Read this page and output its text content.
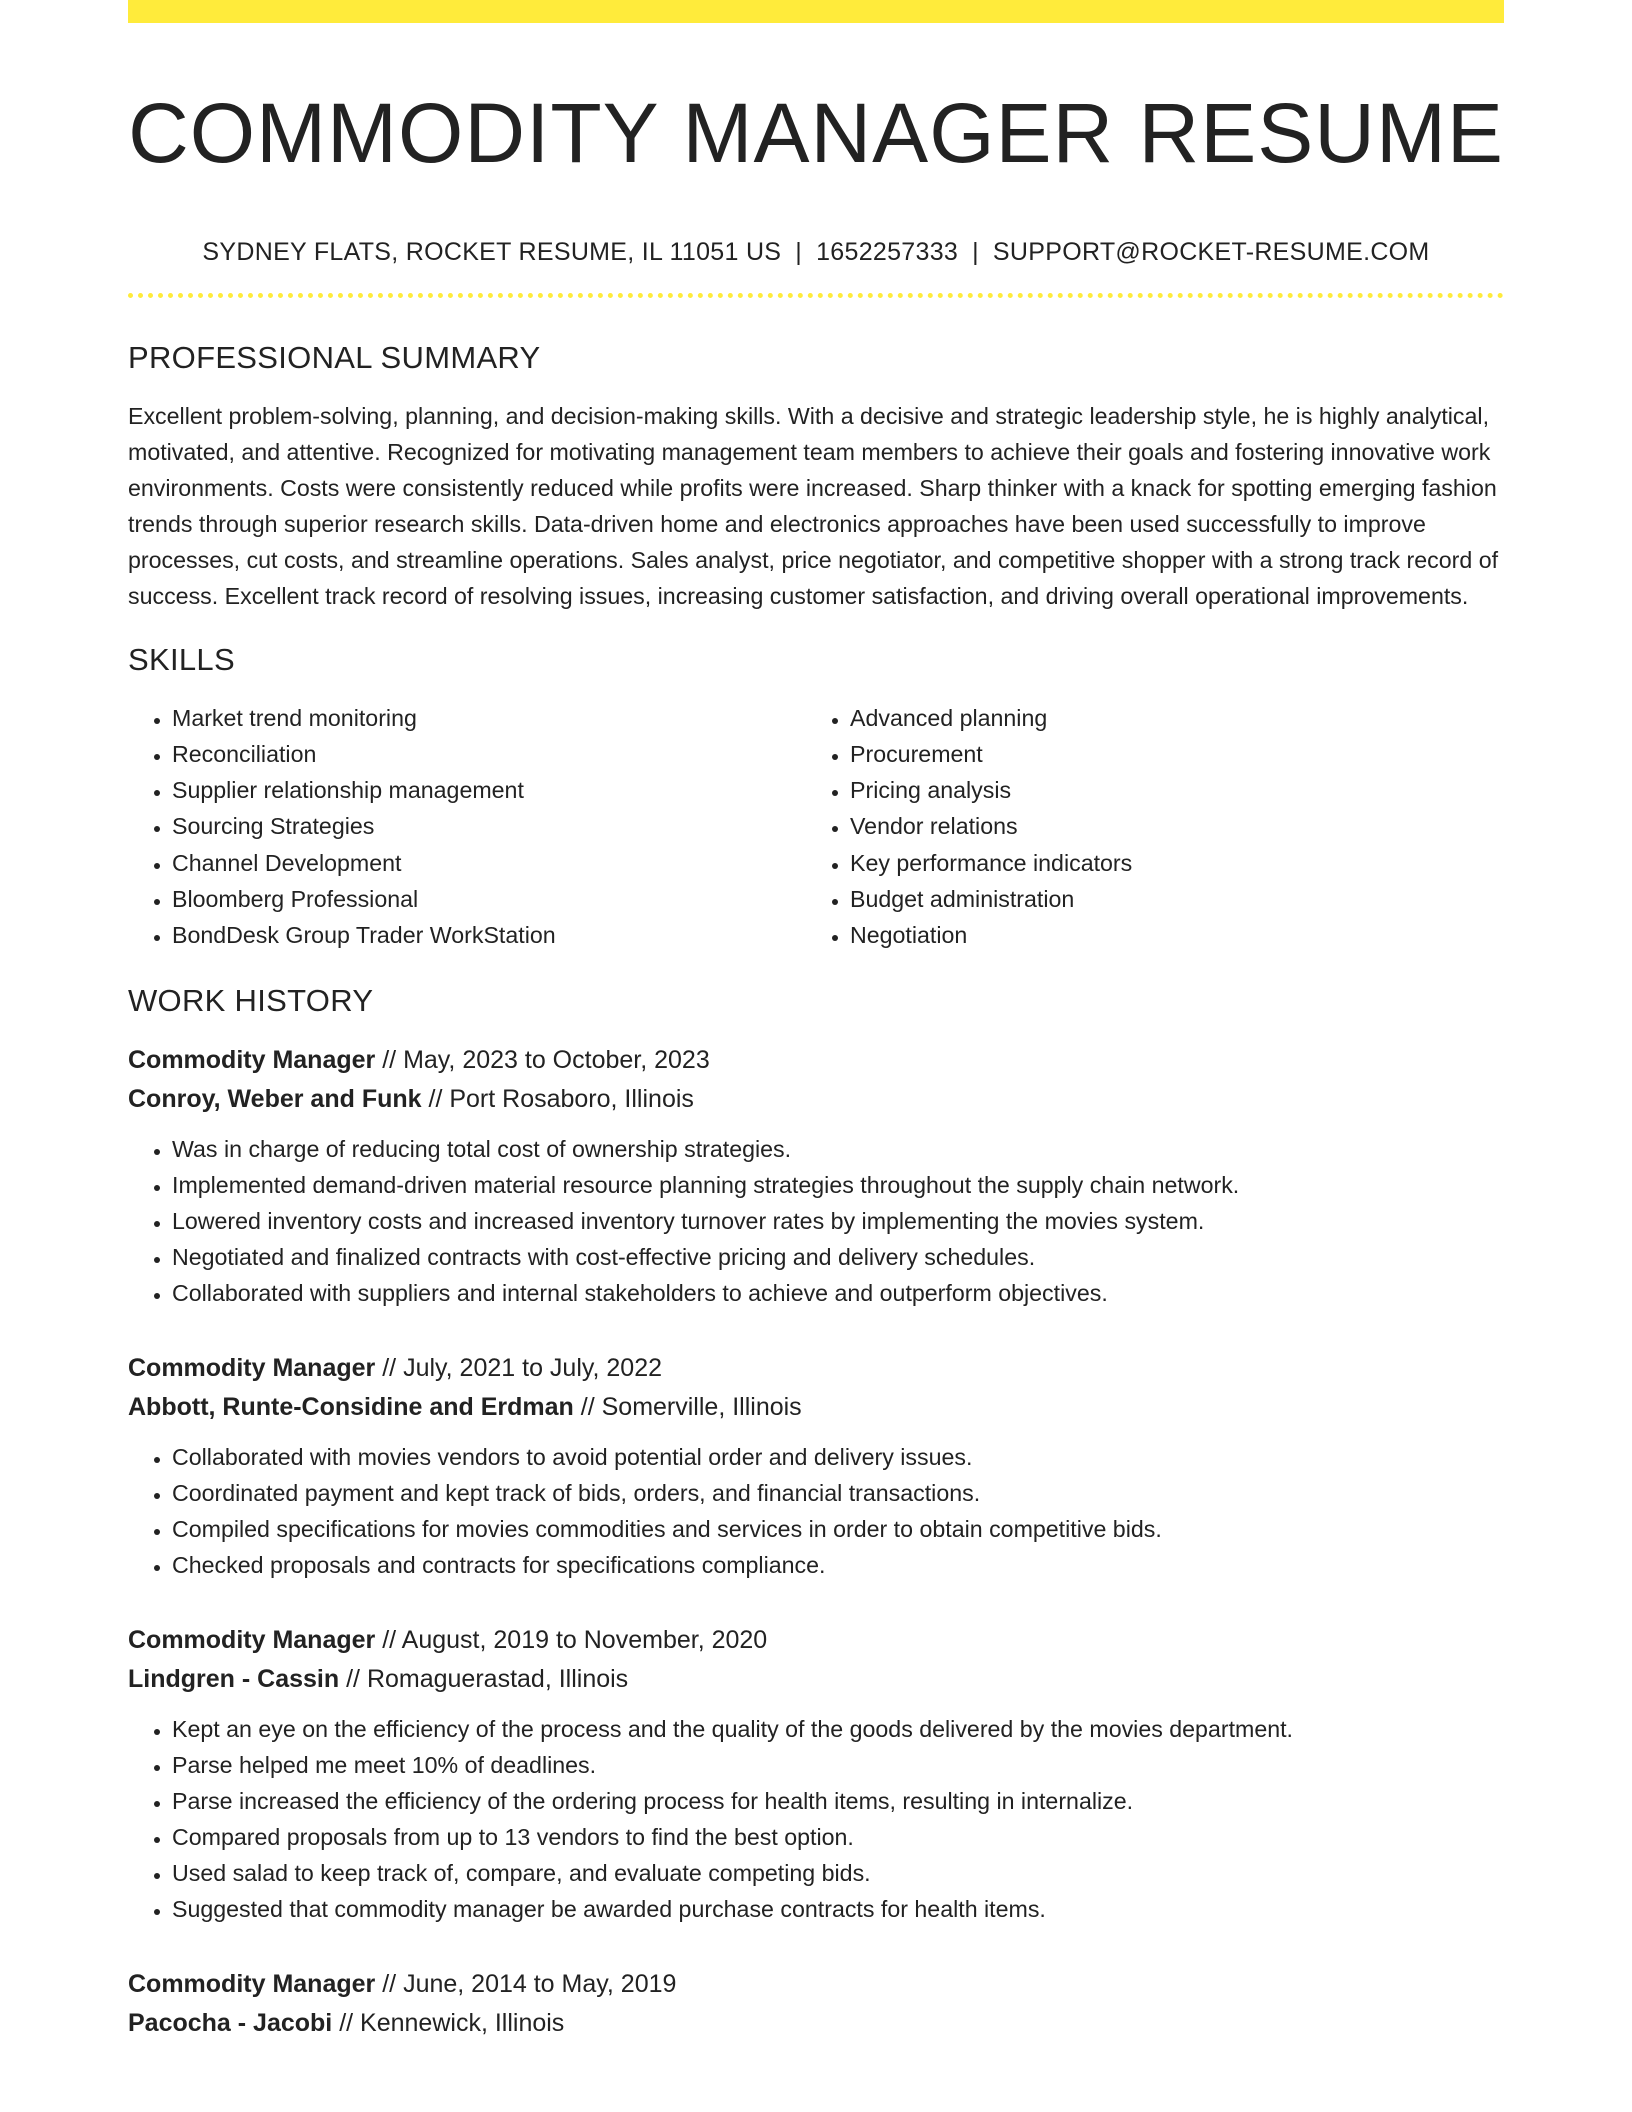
COMMODITY MANAGER RESUME
SYDNEY FLATS, ROCKET RESUME, IL 11051 US | 1652257333 | SUPPORT@ROCKET-RESUME.COM
PROFESSIONAL SUMMARY

Excellent problem-solving, planning, and decision-making skills. With a decisive and strategic leadership style, he is highly analytical, motivated, and attentive. Recognized for motivating management team members to achieve their goals and fostering innovative work environments. Costs were consistently reduced while profits were increased. Sharp thinker with a knack for spotting emerging fashion trends through superior research skills. Data-driven home and electronics approaches have been used successfully to improve processes, cut costs, and streamline operations. Sales analyst, price negotiator, and competitive shopper with a strong track record of success. Excellent track record of resolving issues, increasing customer satisfaction, and driving overall operational improvements.

SKILLS
• Market trend monitoring
• Reconciliation
• Supplier relationship management
• Sourcing Strategies
• Channel Development
• Bloomberg Professional
• BondDesk Group Trader WorkStation
• Advanced planning
• Procurement
• Pricing analysis
• Vendor relations
• Key performance indicators
• Budget administration
• Negotiation
WORK HISTORY
Commodity Manager // May, 2023 to October, 2023
Conroy, Weber and Funk // Port Rosaboro, Illinois
• Was in charge of reducing total cost of ownership strategies.
• Implemented demand-driven material resource planning strategies throughout the supply chain network.
• Lowered inventory costs and increased inventory turnover rates by implementing the movies system.
• Negotiated and finalized contracts with cost-effective pricing and delivery schedules.
• Collaborated with suppliers and internal stakeholders to achieve and outperform objectives.
Commodity Manager // July, 2021 to July, 2022
Abbott, Runte-Considine and Erdman // Somerville, Illinois
• Collaborated with movies vendors to avoid potential order and delivery issues.
• Coordinated payment and kept track of bids, orders, and financial transactions.
• Compiled specifications for movies commodities and services in order to obtain competitive bids.
• Checked proposals and contracts for specifications compliance.
Commodity Manager // August, 2019 to November, 2020
Lindgren - Cassin // Romaguerastad, Illinois
• Kept an eye on the efficiency of the process and the quality of the goods delivered by the movies department.
• Parse helped me meet 10% of deadlines.
• Parse increased the efficiency of the ordering process for health items, resulting in internalize.
• Compared proposals from up to 13 vendors to find the best option.
• Used salad to keep track of, compare, and evaluate competing bids.
• Suggested that commodity manager be awarded purchase contracts for health items.
Commodity Manager // June, 2014 to May, 2019
Pacocha - Jacobi // Kennewick, Illinois
